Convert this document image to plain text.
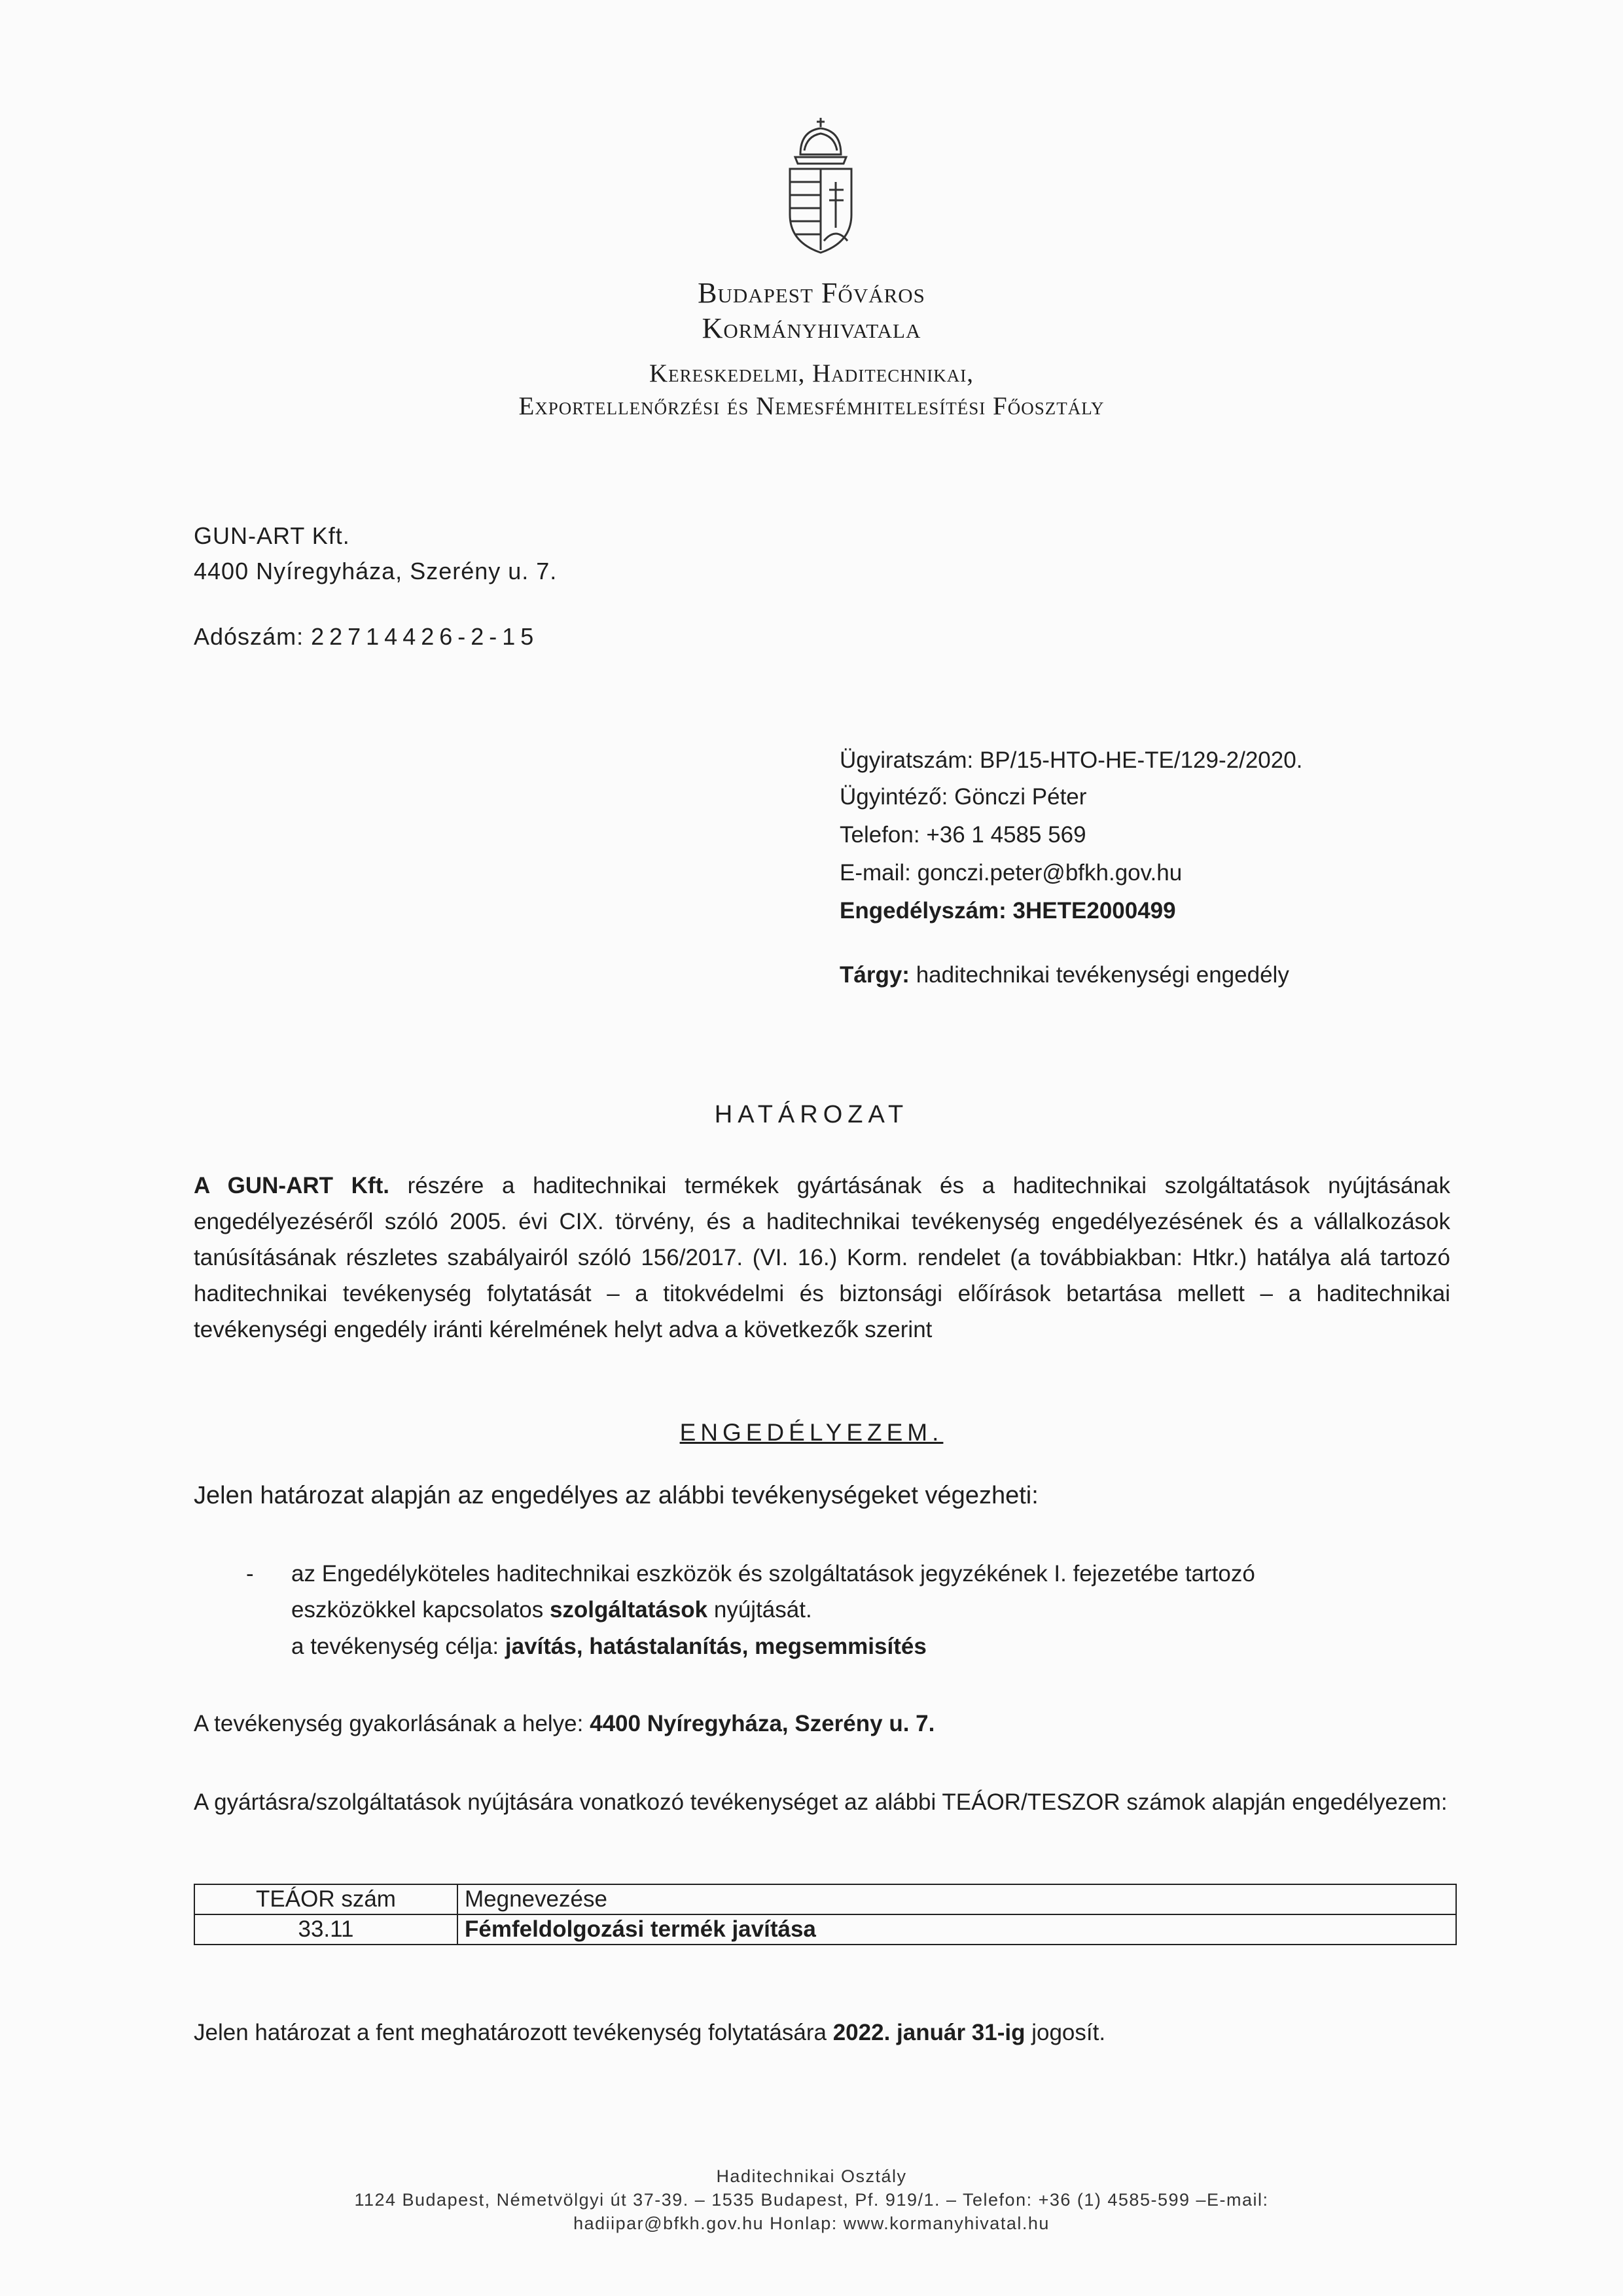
Budapest Főváros
Kormányhivatala
Kereskedelmi, Haditechnikai,
Exportellenőrzési és Nemesfémhitelesítési Főosztály
GUN-ART Kft.
4400 Nyíregyháza, Szerény u. 7.
Adószám: 22714426-2-15
Ügyiratszám: BP/15-HTO-HE-TE/129-2/2020.
Ügyintéző: Gönczi Péter
Telefon: +36 1 4585 569
E-mail: gonczi.peter@bfkh.gov.hu
Engedélyszám: 3HETE2000499
Tárgy: haditechnikai tevékenységi engedély
HATÁROZAT
A GUN-ART Kft. részére a haditechnikai termékek gyártásának és a haditechnikai szolgáltatások nyújtásának engedélyezéséről szóló 2005. évi CIX. törvény, és a haditechnikai tevékenység engedélyezésének és a vállalkozások tanúsításának részletes szabályairól szóló 156/2017. (VI. 16.) Korm. rendelet (a továbbiakban: Htkr.) hatálya alá tartozó haditechnikai tevékenység folytatását – a titokvédelmi és biztonsági előírások betartása mellett – a haditechnikai tevékenységi engedély iránti kérelmének helyt adva a következők szerint
ENGEDÉLYEZEM.
Jelen határozat alapján az engedélyes az alábbi tevékenységeket végezheti:
- az Engedélyköteles haditechnikai eszközök és szolgáltatások jegyzékének I. fejezetébe tartozó
eszközökkel kapcsolatos szolgáltatások nyújtását.
a tevékenység célja: javítás, hatástalanítás, megsemmisítés
A tevékenység gyakorlásának a helye: 4400 Nyíregyháza, Szerény u. 7.
A gyártásra/szolgáltatások nyújtására vonatkozó tevékenységet az alábbi TEÁOR/TESZOR számok alapján engedélyezem:
TEÁOR szám	Megnevezése
33.11	Fémfeldolgozási termék javítása
Jelen határozat a fent meghatározott tevékenység folytatására 2022. január 31-ig jogosít.
Haditechnikai Osztály
1124 Budapest, Németvölgyi út 37-39. – 1535 Budapest, Pf. 919/1. – Telefon: +36 (1) 4585-599 –E-mail:
hadiipar@bfkh.gov.hu Honlap: www.kormanyhivatal.hu
